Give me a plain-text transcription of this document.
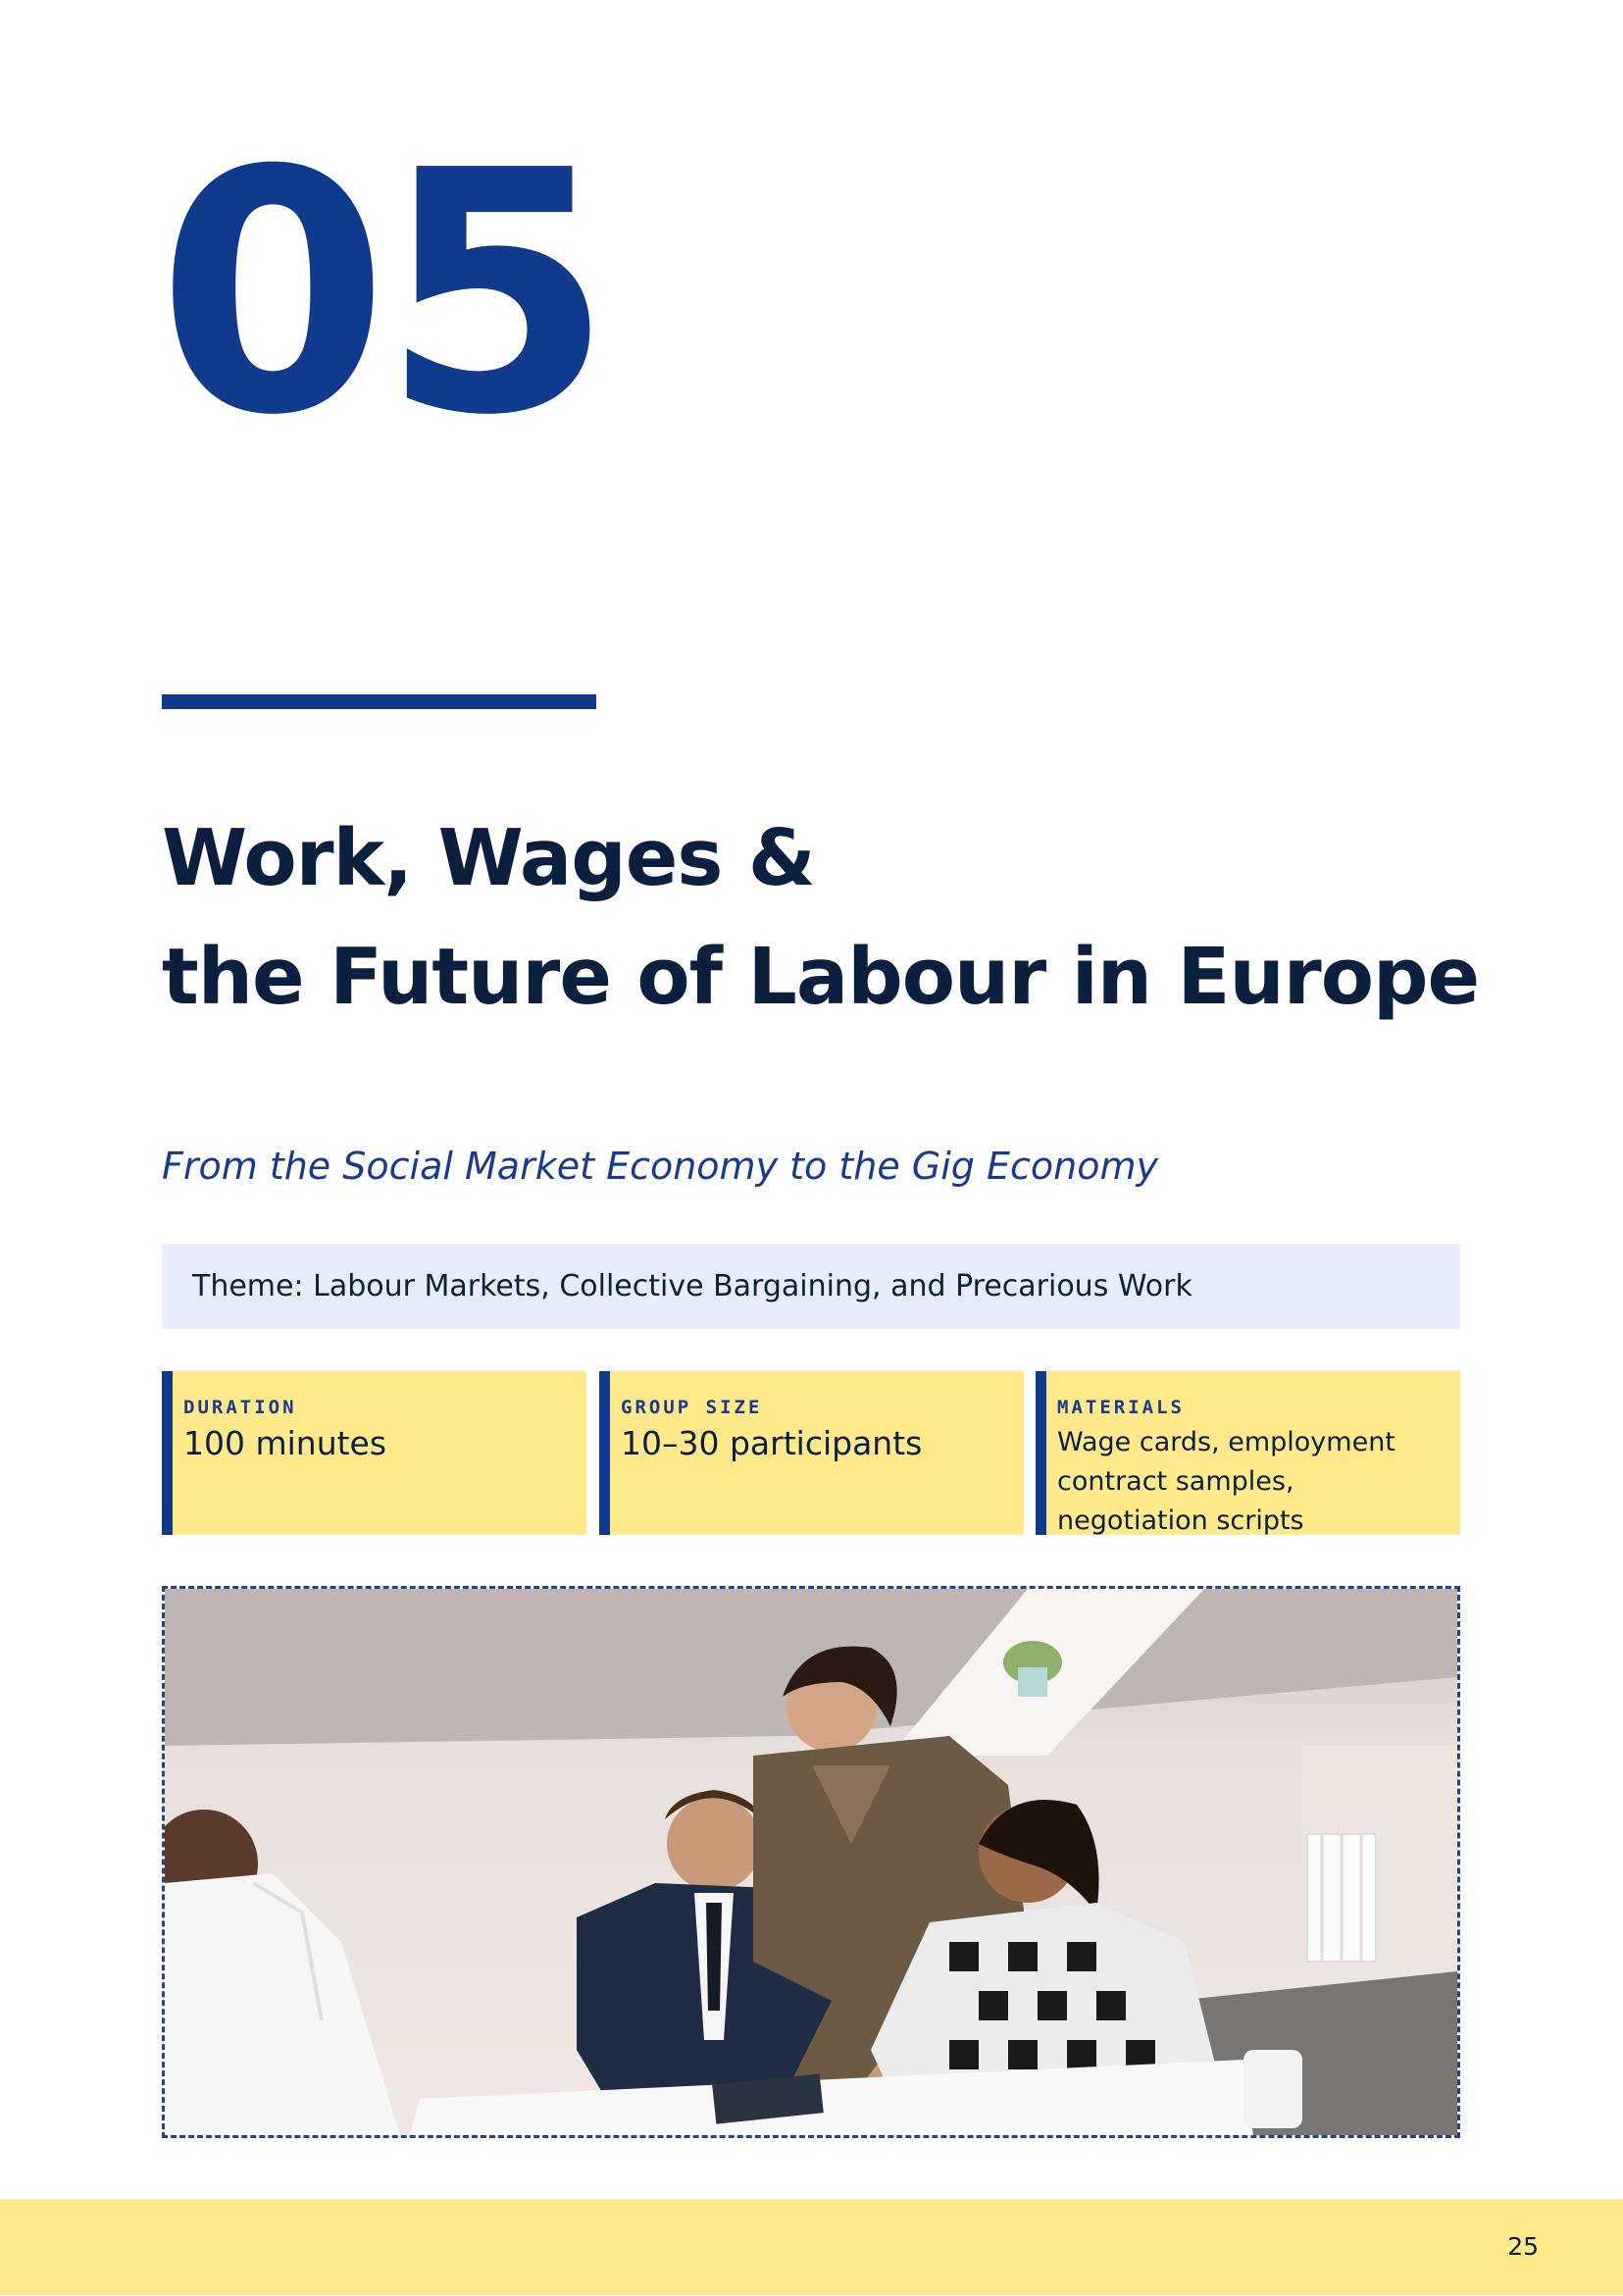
05
Work, Wages &
the Future of Labour in Europe
From the Social Market Economy to the Gig Economy
Theme: Labour Markets, Collective Bargaining, and Precarious Work
DURATION
100 minutes
GROUP SIZE
10–30 participants
MATERIALS
Wage cards, employment contract samples, negotiation scripts
25
